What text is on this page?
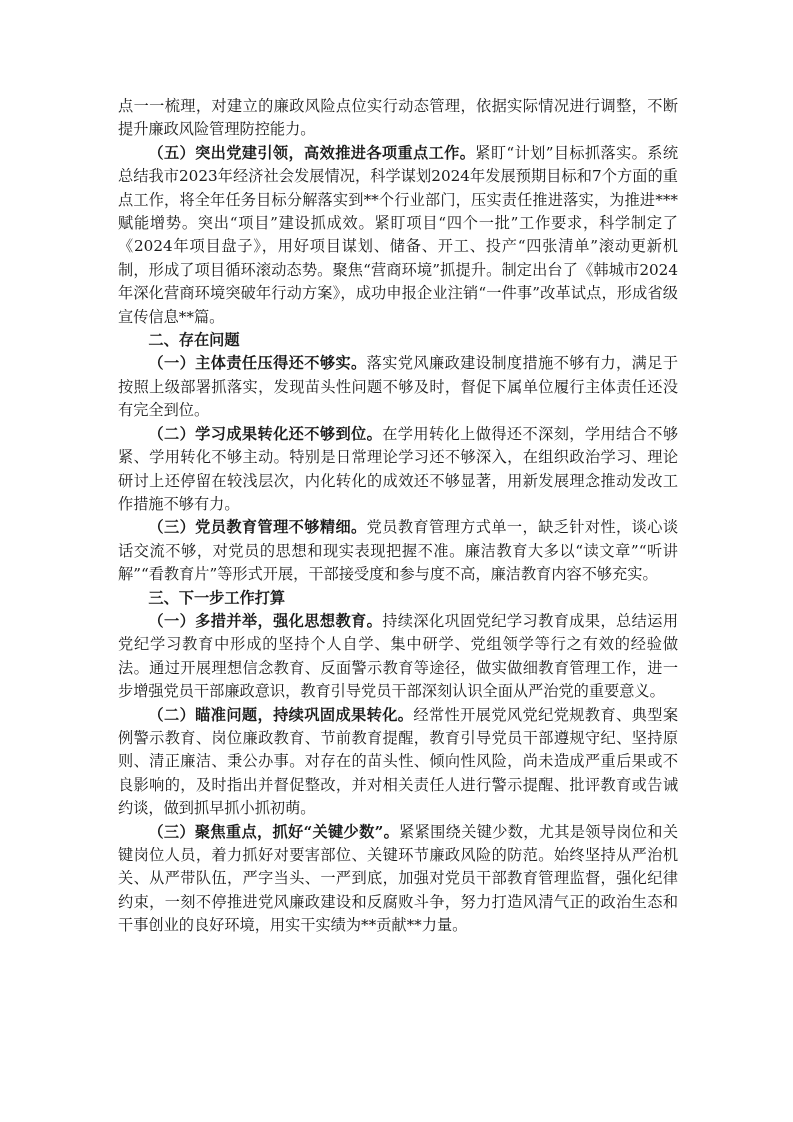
点一一梳理，对建立的廉政风险点位实行动态管理，依据实际情况进行调整，不断提升廉政风险管理防控能力。

（五）突出党建引领，高效推进各项重点工作。紧盯“计划”目标抓落实。系统总结我市2023年经济社会发展情况，科学谋划2024年发展预期目标和7个方面的重点工作，将全年任务目标分解落实到**个行业部门，压实责任推进落实，为推进***赋能增势。突出“项目”建设抓成效。紧盯项目“四个一批”工作要求，科学制定了《2024年项目盘子》，用好项目谋划、储备、开工、投产“四张清单”滚动更新机制，形成了项目循环滚动态势。聚焦“营商环境”抓提升。制定出台了《韩城市2024年深化营商环境突破年行动方案》，成功申报企业注销“一件事”改革试点，形成省级宣传信息**篇。

二、存在问题

（一）主体责任压得还不够实。落实党风廉政建设制度措施不够有力，满足于按照上级部署抓落实，发现苗头性问题不够及时，督促下属单位履行主体责任还没有完全到位。

（二）学习成果转化还不够到位。在学用转化上做得还不深刻，学用结合不够紧、学用转化不够主动。特别是日常理论学习还不够深入，在组织政治学习、理论研讨上还停留在较浅层次，内化转化的成效还不够显著，用新发展理念推动发改工作措施不够有力。

（三）党员教育管理不够精细。党员教育管理方式单一，缺乏针对性，谈心谈话交流不够，对党员的思想和现实表现把握不准。廉洁教育大多以“读文章”“听讲解”“看教育片”等形式开展，干部接受度和参与度不高，廉洁教育内容不够充实。

三、下一步工作打算

（一）多措并举，强化思想教育。持续深化巩固党纪学习教育成果，总结运用党纪学习教育中形成的坚持个人自学、集中研学、党组领学等行之有效的经验做法。通过开展理想信念教育、反面警示教育等途径，做实做细教育管理工作，进一步增强党员干部廉政意识，教育引导党员干部深刻认识全面从严治党的重要意义。

（二）瞄准问题，持续巩固成果转化。经常性开展党风党纪党规教育、典型案例警示教育、岗位廉政教育、节前教育提醒，教育引导党员干部遵规守纪、坚持原则、清正廉洁、秉公办事。对存在的苗头性、倾向性风险，尚未造成严重后果或不良影响的，及时指出并督促整改，并对相关责任人进行警示提醒、批评教育或告诫约谈，做到抓早抓小抓初萌。

（三）聚焦重点，抓好“关键少数”。紧紧围绕关键少数，尤其是领导岗位和关键岗位人员，着力抓好对要害部位、关键环节廉政风险的防范。始终坚持从严治机关、从严带队伍，严字当头、一严到底，加强对党员干部教育管理监督，强化纪律约束，一刻不停推进党风廉政建设和反腐败斗争，努力打造风清气正的政治生态和干事创业的良好环境，用实干实绩为**贡献**力量。
